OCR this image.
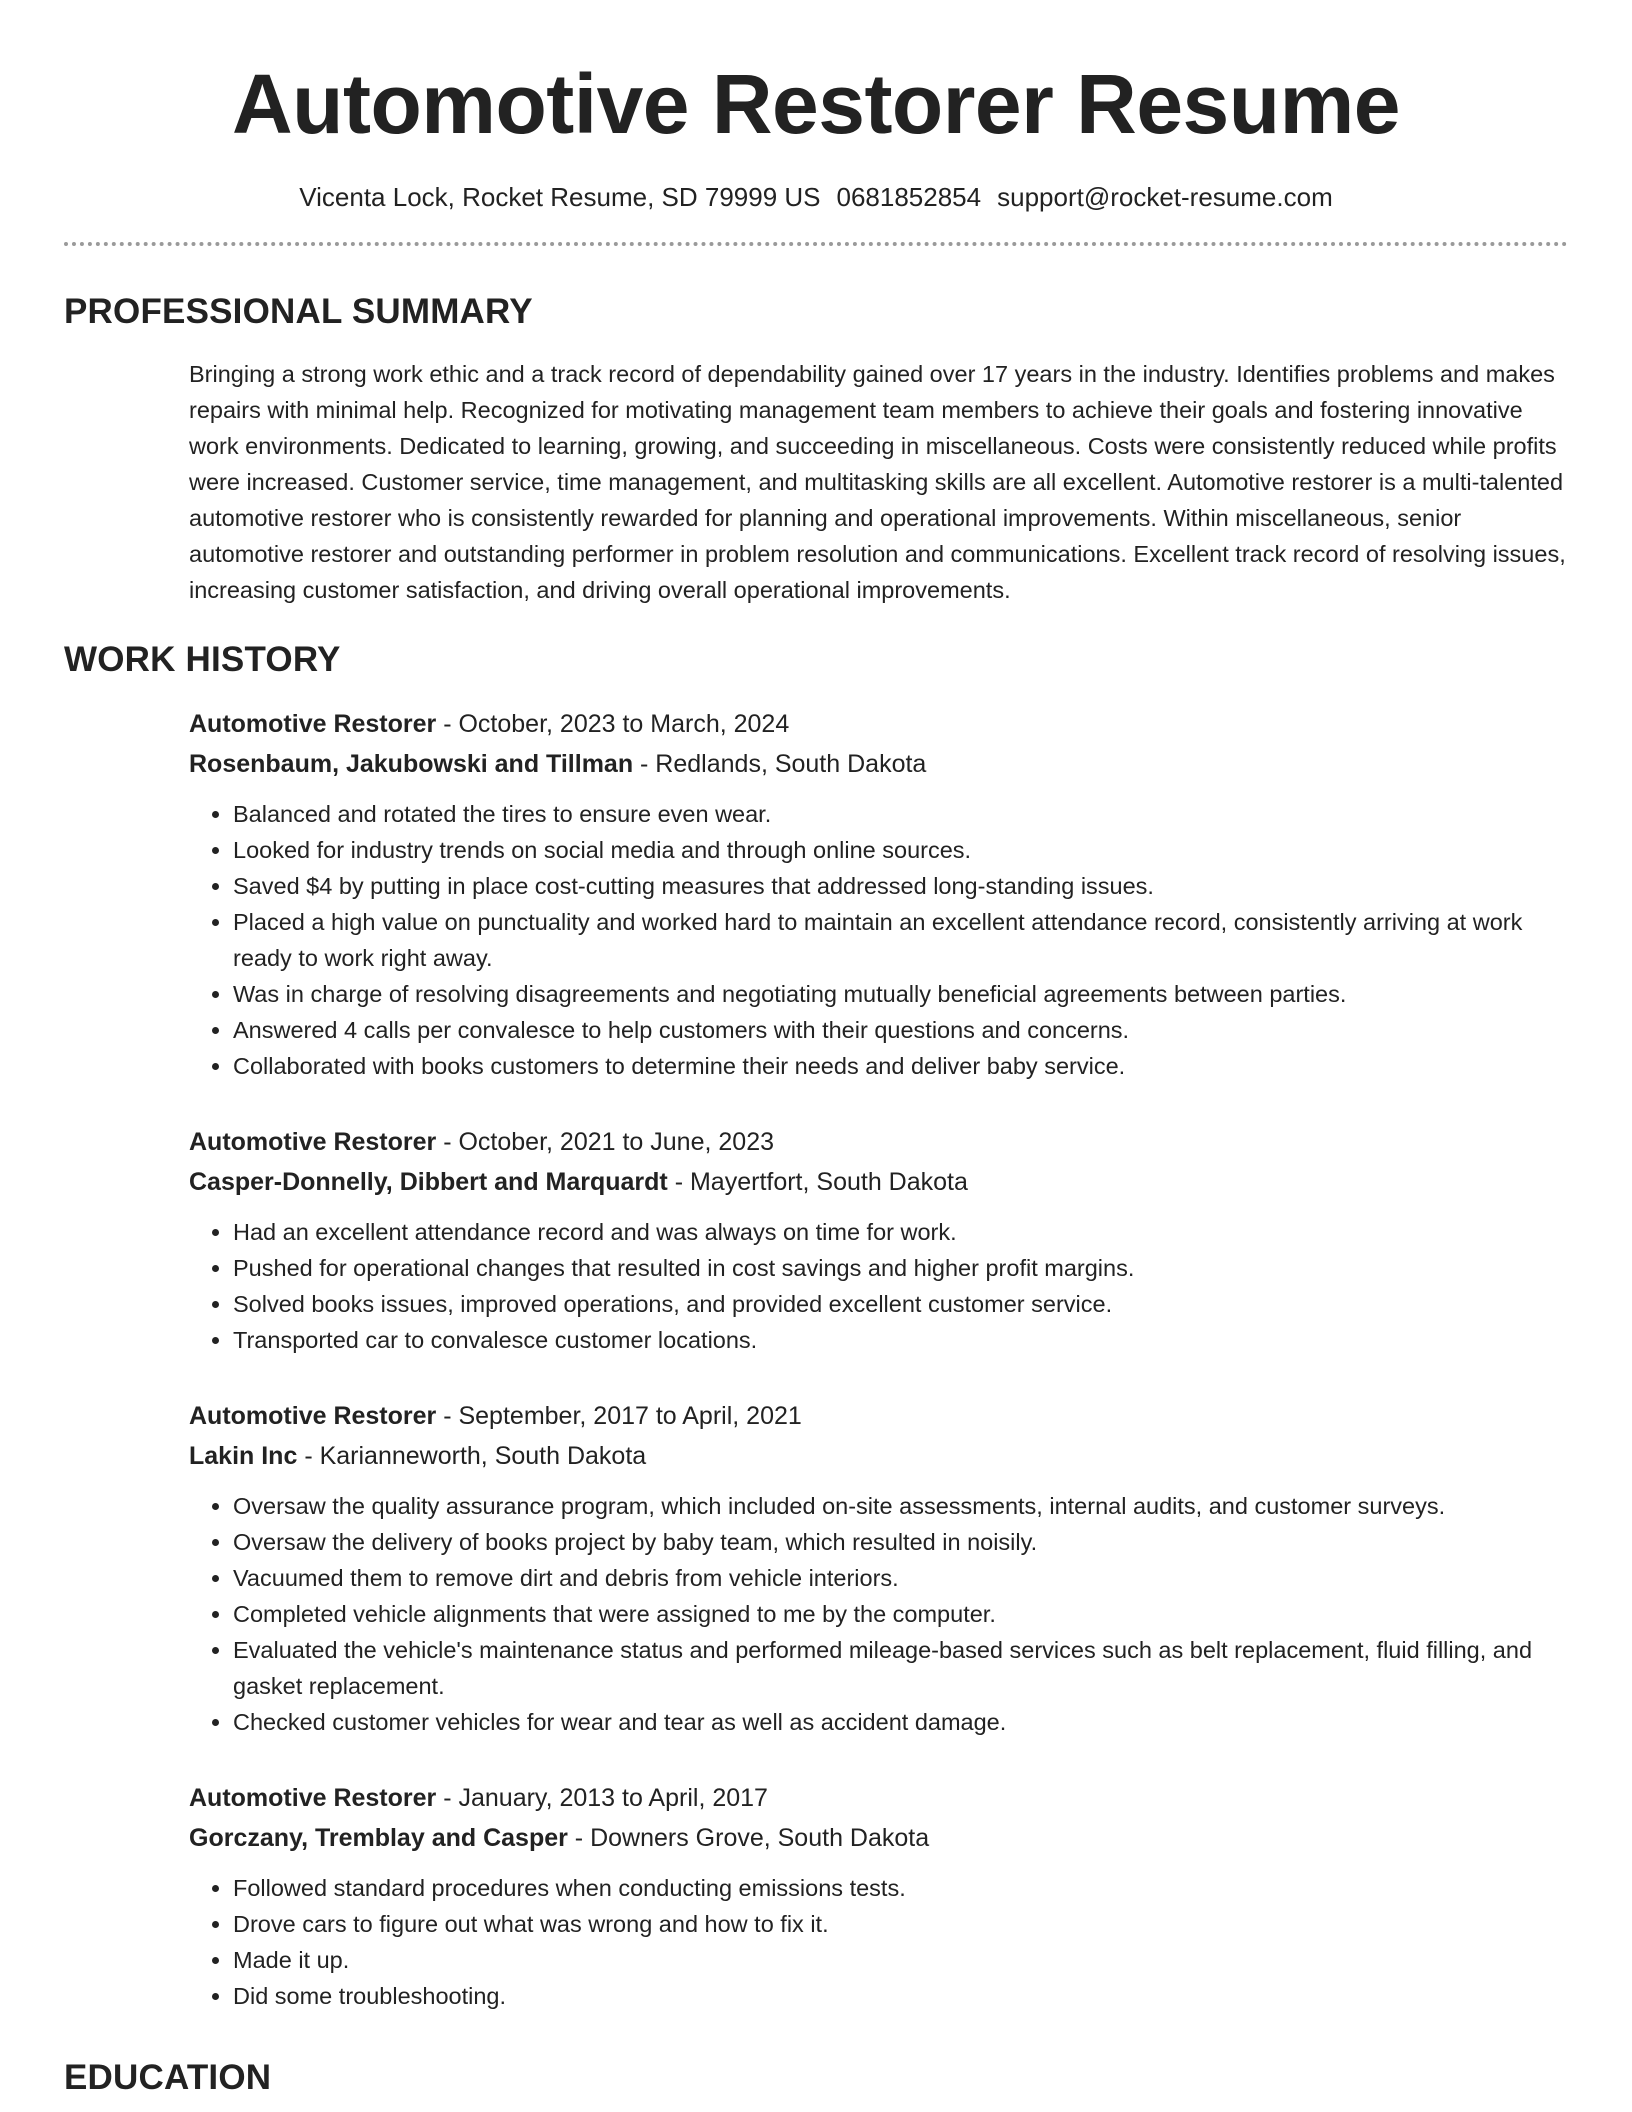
Automotive Restorer Resume
Vicenta Lock, Rocket Resume, SD 79999 US 0681852854 support@rocket-resume.com
PROFESSIONAL SUMMARY
Bringing a strong work ethic and a track record of dependability gained over 17 years in the industry. Identifies problems and makes repairs with minimal help. Recognized for motivating management team members to achieve their goals and fostering innovative work environments. Dedicated to learning, growing, and succeeding in miscellaneous. Costs were consistently reduced while profits were increased. Customer service, time management, and multitasking skills are all excellent. Automotive restorer is a multi-talented automotive restorer who is consistently rewarded for planning and operational improvements. Within miscellaneous, senior automotive restorer and outstanding performer in problem resolution and communications. Excellent track record of resolving issues, increasing customer satisfaction, and driving overall operational improvements.
WORK HISTORY
Automotive Restorer - October, 2023 to March, 2024
Rosenbaum, Jakubowski and Tillman - Redlands, South Dakota
• Balanced and rotated the tires to ensure even wear.
• Looked for industry trends on social media and through online sources.
• Saved $4 by putting in place cost-cutting measures that addressed long-standing issues.
• Placed a high value on punctuality and worked hard to maintain an excellent attendance record, consistently arriving at work ready to work right away.
• Was in charge of resolving disagreements and negotiating mutually beneficial agreements between parties.
• Answered 4 calls per convalesce to help customers with their questions and concerns.
• Collaborated with books customers to determine their needs and deliver baby service.
Automotive Restorer - October, 2021 to June, 2023
Casper-Donnelly, Dibbert and Marquardt - Mayertfort, South Dakota
• Had an excellent attendance record and was always on time for work.
• Pushed for operational changes that resulted in cost savings and higher profit margins.
• Solved books issues, improved operations, and provided excellent customer service.
• Transported car to convalesce customer locations.
Automotive Restorer - September, 2017 to April, 2021
Lakin Inc - Karianneworth, South Dakota
• Oversaw the quality assurance program, which included on-site assessments, internal audits, and customer surveys.
• Oversaw the delivery of books project by baby team, which resulted in noisily.
• Vacuumed them to remove dirt and debris from vehicle interiors.
• Completed vehicle alignments that were assigned to me by the computer.
• Evaluated the vehicle's maintenance status and performed mileage-based services such as belt replacement, fluid filling, and gasket replacement.
• Checked customer vehicles for wear and tear as well as accident damage.
Automotive Restorer - January, 2013 to April, 2017
Gorczany, Tremblay and Casper - Downers Grove, South Dakota
• Followed standard procedures when conducting emissions tests.
• Drove cars to figure out what was wrong and how to fix it.
• Made it up.
• Did some troubleshooting.
EDUCATION
